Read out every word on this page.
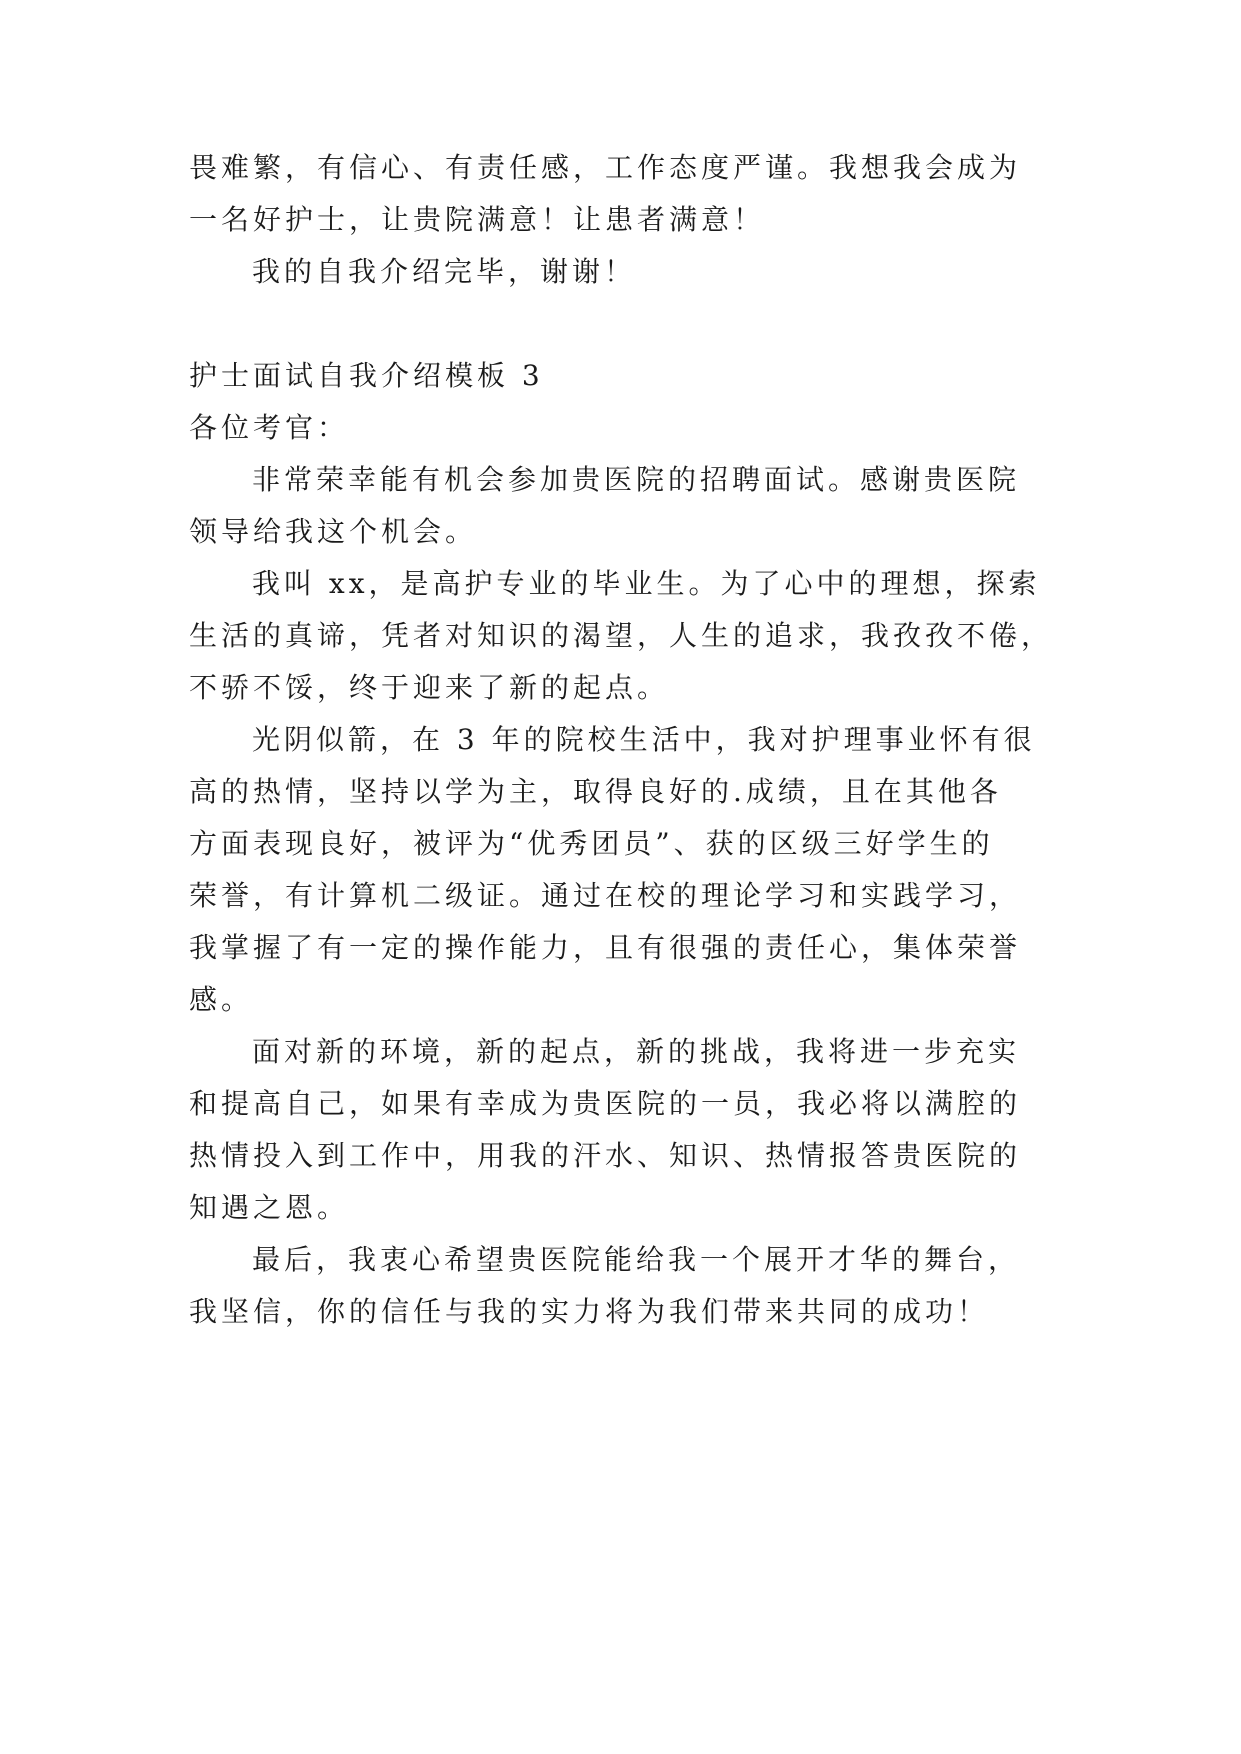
畏难繁，有信心、有责任感，工作态度严谨。我想我会成为
一名好护士，让贵院满意！让患者满意！
我的自我介绍完毕，谢谢！
护士面试自我介绍模板 3
各位考官：
非常荣幸能有机会参加贵医院的招聘面试。感谢贵医院
领导给我这个机会。
我叫 xx，是高护专业的毕业生。为了心中的理想，探索
生活的真谛，凭者对知识的渴望，人生的追求，我孜孜不倦，
不骄不馁，终于迎来了新的起点。
光阴似箭，在 3 年的院校生活中，我对护理事业怀有很
高的热情，坚持以学为主，取得良好的.成绩，且在其他各
方面表现良好，被评为“优秀团员”、获的区级三好学生的
荣誉，有计算机二级证。通过在校的理论学习和实践学习，
我掌握了有一定的操作能力，且有很强的责任心，集体荣誉
感。
面对新的环境，新的起点，新的挑战，我将进一步充实
和提高自己，如果有幸成为贵医院的一员，我必将以满腔的
热情投入到工作中，用我的汗水、知识、热情报答贵医院的
知遇之恩。
最后，我衷心希望贵医院能给我一个展开才华的舞台，
我坚信，你的信任与我的实力将为我们带来共同的成功！
